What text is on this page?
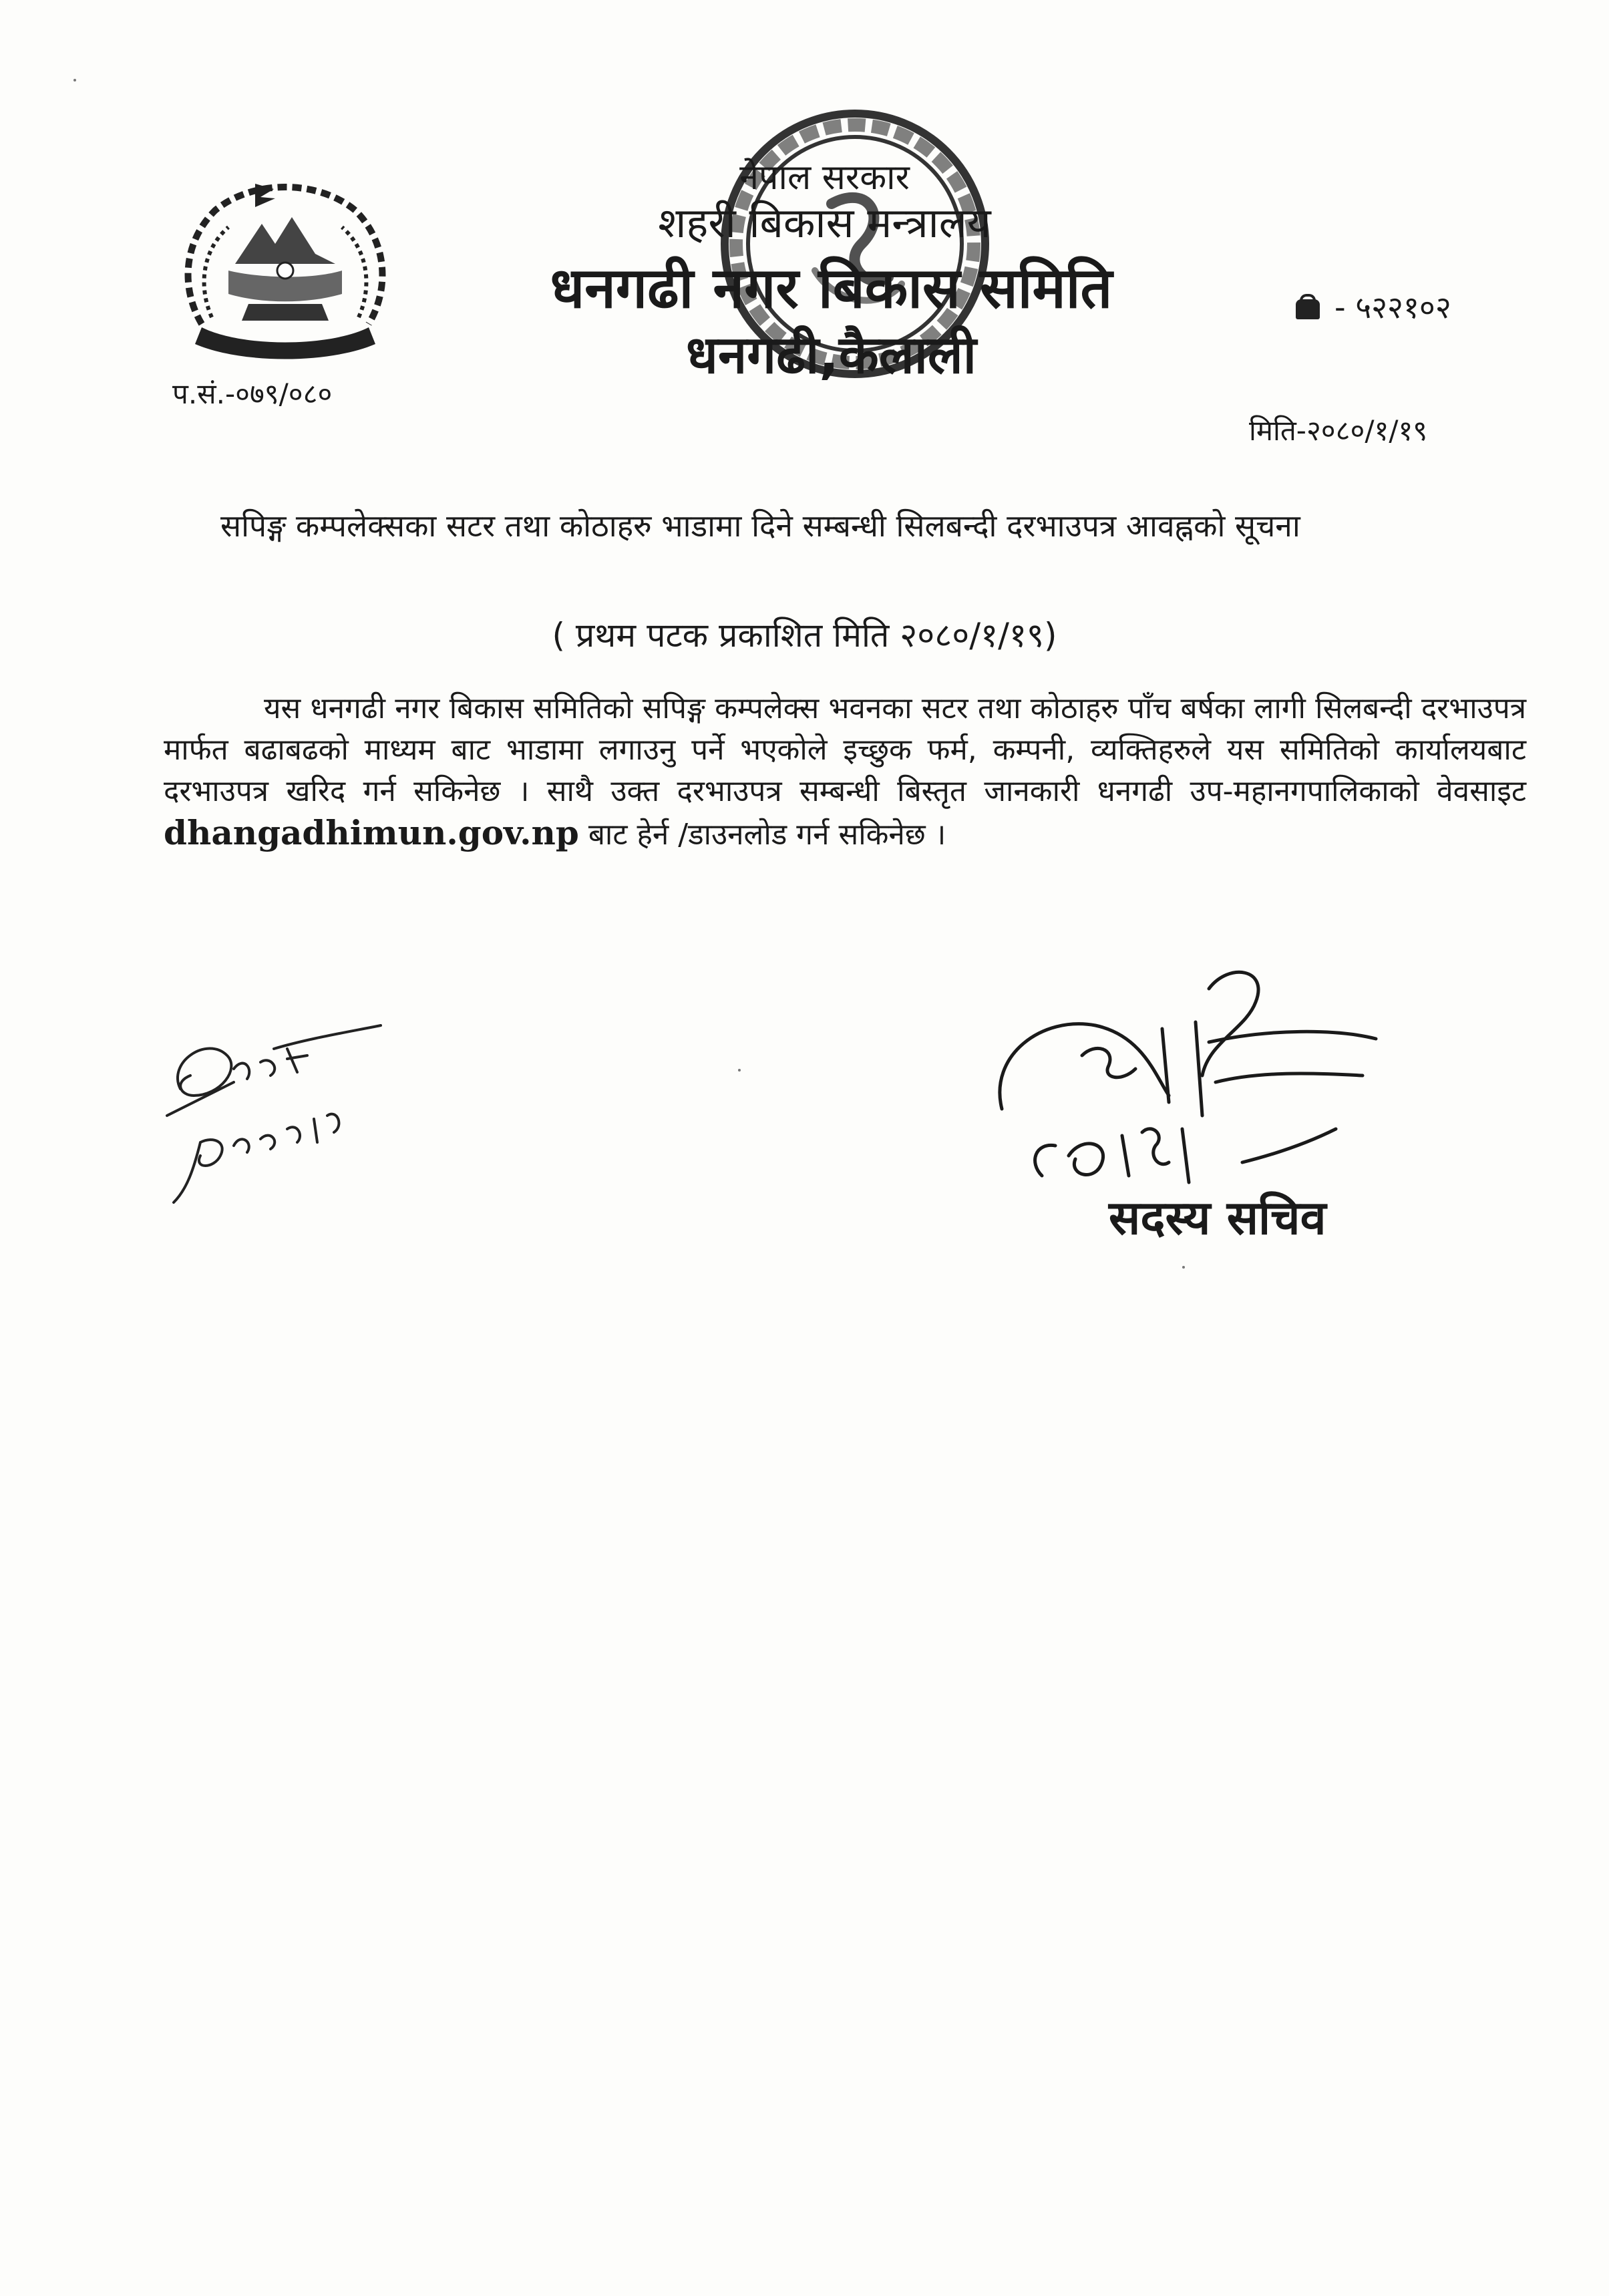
नेपाल सरकार
शहरी बिकास मन्त्रालय
धनगढी नगर बिकास समिति
धनगढी,कैलाली
- ५२२१०२
प.सं.-०७९/०८०
मिति-२०८०/१/१९
सपिङ्ग कम्पलेक्सका सटर तथा कोठाहरु भाडामा दिने सम्बन्धी सिलबन्दी दरभाउपत्र आवह्नको सूचना
( प्रथम पटक प्रकाशित मिति २०८०/१/१९)
यस धनगढी नगर बिकास समितिको सपिङ्ग कम्पलेक्स भवनका सटर तथा कोठाहरु पाँच बर्षका लागी सिलबन्दी दरभाउपत्र मार्फत बढाबढको माध्यम बाट भाडामा लगाउनु पर्ने भएकोले इच्छुक फर्म, कम्पनी, व्यक्तिहरुले यस समितिको कार्यालयबाट दरभाउपत्र खरिद गर्न सकिनेछ । साथै उक्त दरभाउपत्र सम्बन्धी बिस्तृत जानकारी धनगढी उप-महानगपालिकाको वेवसाइट dhangadhimun.gov.np बाट हेर्न /डाउनलोड गर्न सकिनेछ ।
सदस्य सचिव
